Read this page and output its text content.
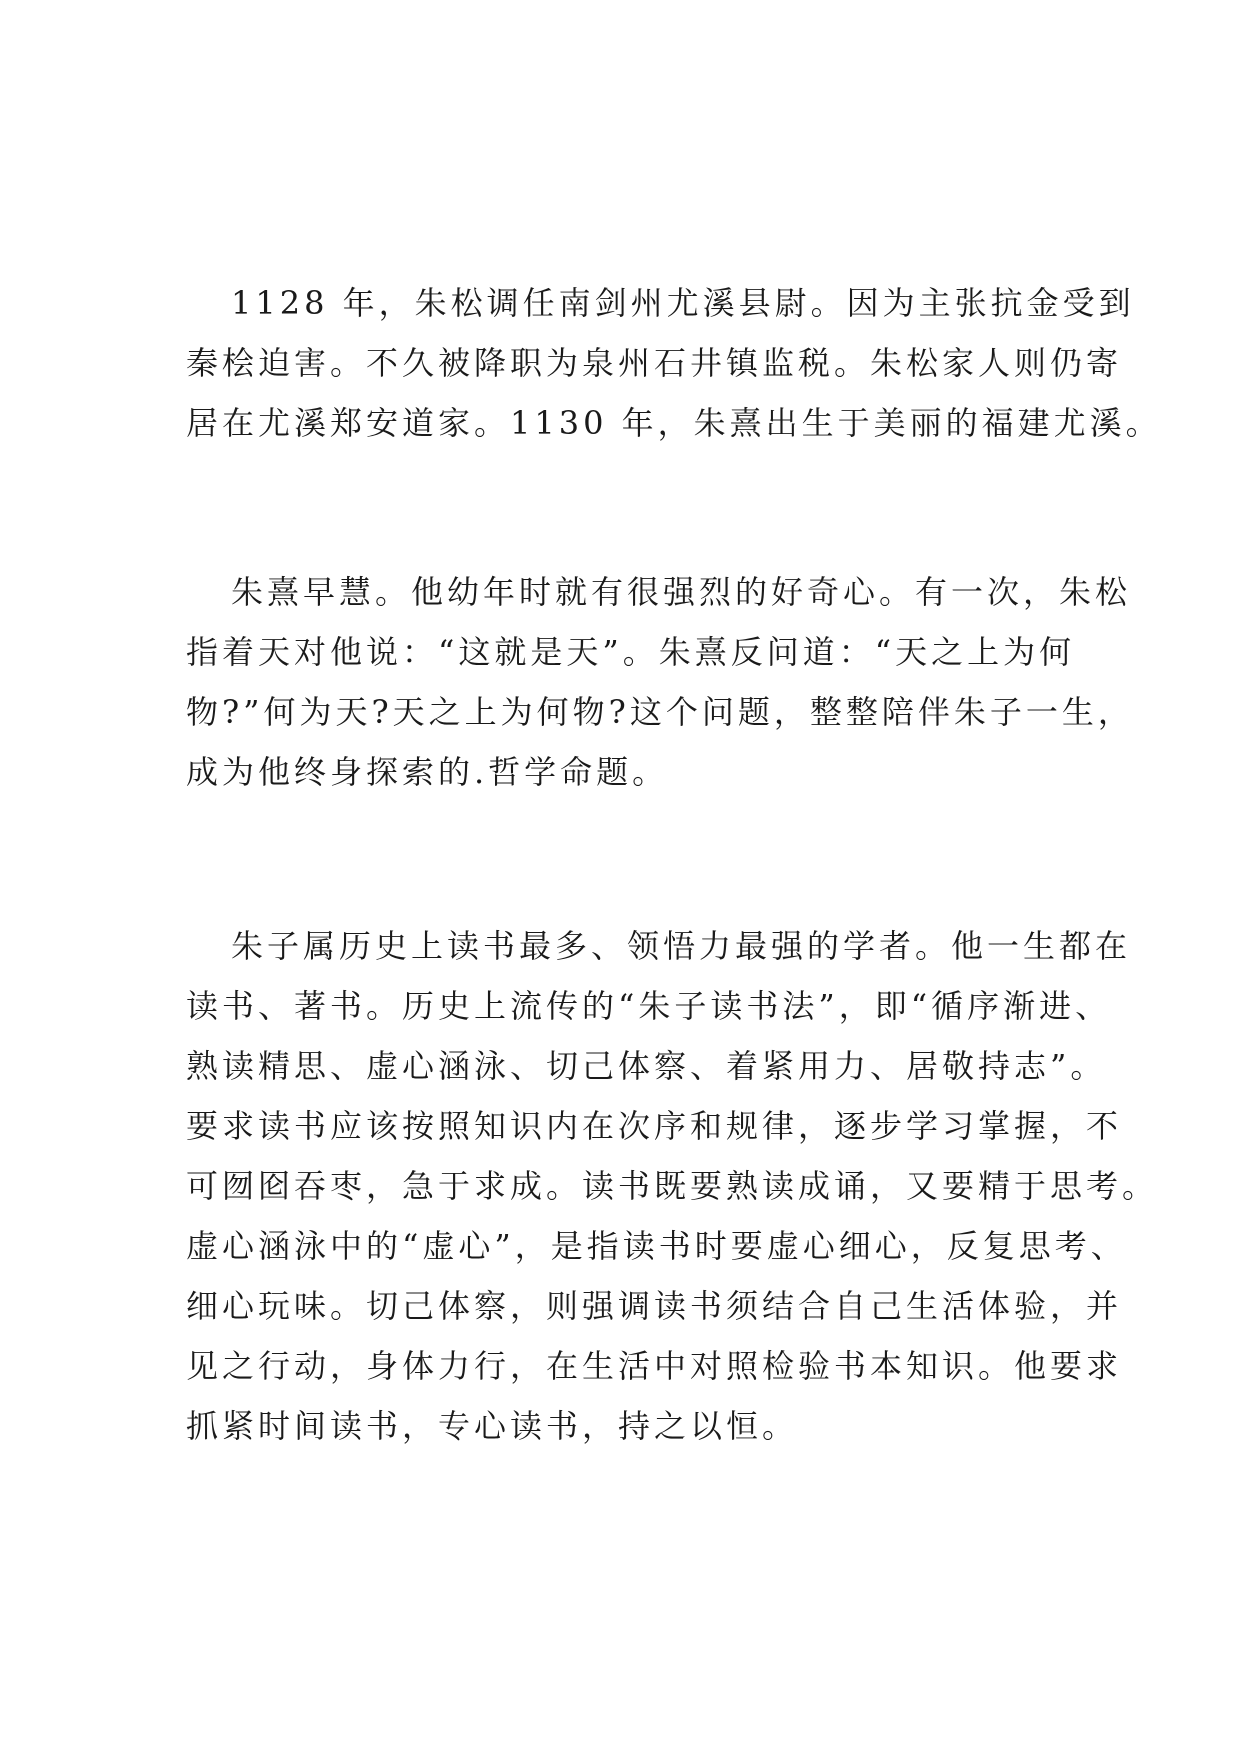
1128 年，朱松调任南剑州尤溪县尉。因为主张抗金受到
秦桧迫害。不久被降职为泉州石井镇监税。朱松家人则仍寄
居在尤溪郑安道家。1130 年，朱熹出生于美丽的福建尤溪。
朱熹早慧。他幼年时就有很强烈的好奇心。有一次，朱松
指着天对他说：“这就是天”。朱熹反问道：“天之上为何
物?”何为天?天之上为何物?这个问题，整整陪伴朱子一生，
成为他终身探索的.哲学命题。
朱子属历史上读书最多、领悟力最强的学者。他一生都在
读书、著书。历史上流传的“朱子读书法”，即“循序渐进、
熟读精思、虚心涵泳、切己体察、着紧用力、居敬持志”。
要求读书应该按照知识内在次序和规律，逐步学习掌握，不
可囫囵吞枣，急于求成。读书既要熟读成诵，又要精于思考。
虚心涵泳中的“虚心”，是指读书时要虚心细心，反复思考、
细心玩味。切己体察，则强调读书须结合自己生活体验，并
见之行动，身体力行，在生活中对照检验书本知识。他要求
抓紧时间读书，专心读书，持之以恒。
